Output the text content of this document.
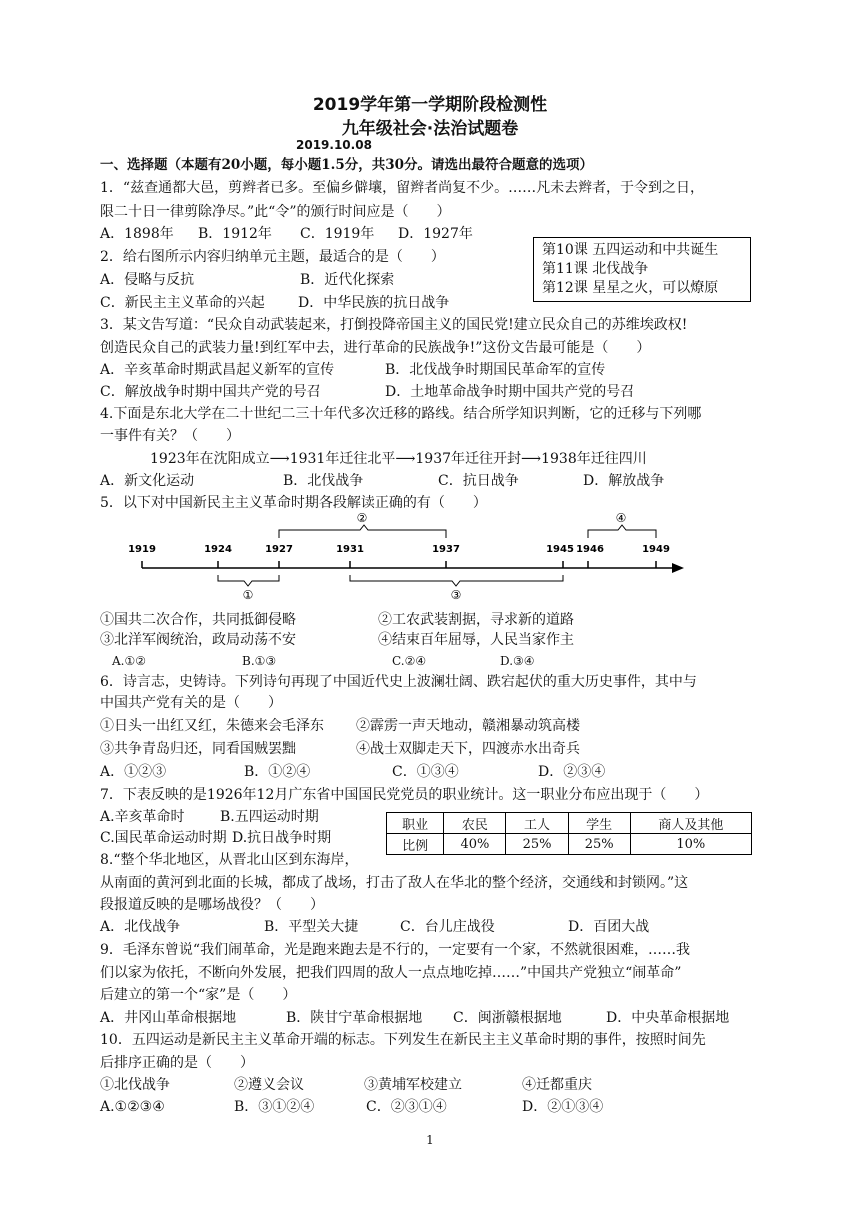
2019学年第一学期阶段检测性
九年级社会·法治试题卷
2019.10.08
一、选择题（本题有20小题，每小题1.5分，共30分。请选出最符合题意的选项）
1．“兹查通都大邑，剪辫者已多。至偏乡僻壤，留辫者尚复不少。……凡未去辫者，于令到之日，
限二十日一律剪除净尽。”此“令”的颁行时间应是（　　）
A．1898年 B．1912年 C．1919年 D．1927年
2．给右图所示内容归纳单元主题，最适合的是（　　）
A．侵略与反抗	B．近代化探索
C．新民主主义革命的兴起 D．中华民族的抗日战争
第10课 五四运动和中共诞生
第11课 北伐战争
第12课 星星之火，可以燎原
3．某文告写道：“民众自动武装起来，打倒投降帝国主义的国民党!建立民众自己的苏维埃政权!
创造民众自己的武装力量!到红军中去，进行革命的民族战争!”这份文告最可能是（　　）
A．辛亥革命时期武昌起义新军的宣传	B．北伐战争时期国民革命军的宣传
C．解放战争时期中国共产党的号召	D．土地革命战争时期中国共产党的号召
4.下面是东北大学在二十世纪二三十年代多次迁移的路线。结合所学知识判断，它的迁移与下列哪
一事件有关？（　　）
1923年在沈阳成立⟶1931年迁往北平⟶1937年迁往开封⟶1938年迁往四川
A．新文化运动	B．北伐战争	C．抗日战争	D．解放战争
5．以下对中国新民主主义革命时期各段解读正确的有（　　）
1919	1924	1927	1931	1937	1945 1946	1949
②	④
①	③
①国共二次合作，共同抵御侵略	②工农武装割据，寻求新的道路
③北洋军阀统治，政局动荡不安	④结束百年屈辱，人民当家作主
A.①②	B.①③	C.②④	D.③④
6．诗言志，史铸诗。下列诗句再现了中国近代史上波澜壮阔、跌宕起伏的重大历史事件，其中与
中国共产党有关的是（　　）
①日头一出红又红，朱德来会毛泽东 ②霹雳一声天地动，赣湘暴动筑高楼
③共争青岛归还，同看国贼罢黜	④战士双脚走天下，四渡赤水出奇兵
A．①②③	B．①②④	C．①③④	D．②③④
7．下表反映的是1926年12月广东省中国国民党党员的职业统计。这一职业分布应出现于（　　）
A.辛亥革命时	B.五四运动时期
C.国民革命运动时期 D.抗日战争时期
职业	农民	工人	学生	商人及其他
比例	40%	25%	25%	10%
8.“整个华北地区，从晋北山区到东海岸，
从南面的黄河到北面的长城，都成了战场，打击了敌人在华北的整个经济，交通线和封锁网。”这
段报道反映的是哪场战役？（　　）
A．北伐战争	B．平型关大捷	C．台儿庄战役	D．百团大战
9．毛泽东曾说“我们闹革命，光是跑来跑去是不行的，一定要有一个家，不然就很困难，……我
们以家为依托，不断向外发展，把我们四周的敌人一点点地吃掉……”中国共产党独立“闹革命”
后建立的第一个“家”是（　　）
A．井冈山革命根据地	B．陕甘宁革命根据地 C．闽浙赣根据地	D．中央革命根据地
10．五四运动是新民主主义革命开端的标志。下列发生在新民主主义革命时期的事件，按照时间先
后排序正确的是（　　）
①北伐战争	②遵义会议	③黄埔军校建立	④迁都重庆
A.①②③④	B．③①②④	C．②③①④	D．②①③④
1
